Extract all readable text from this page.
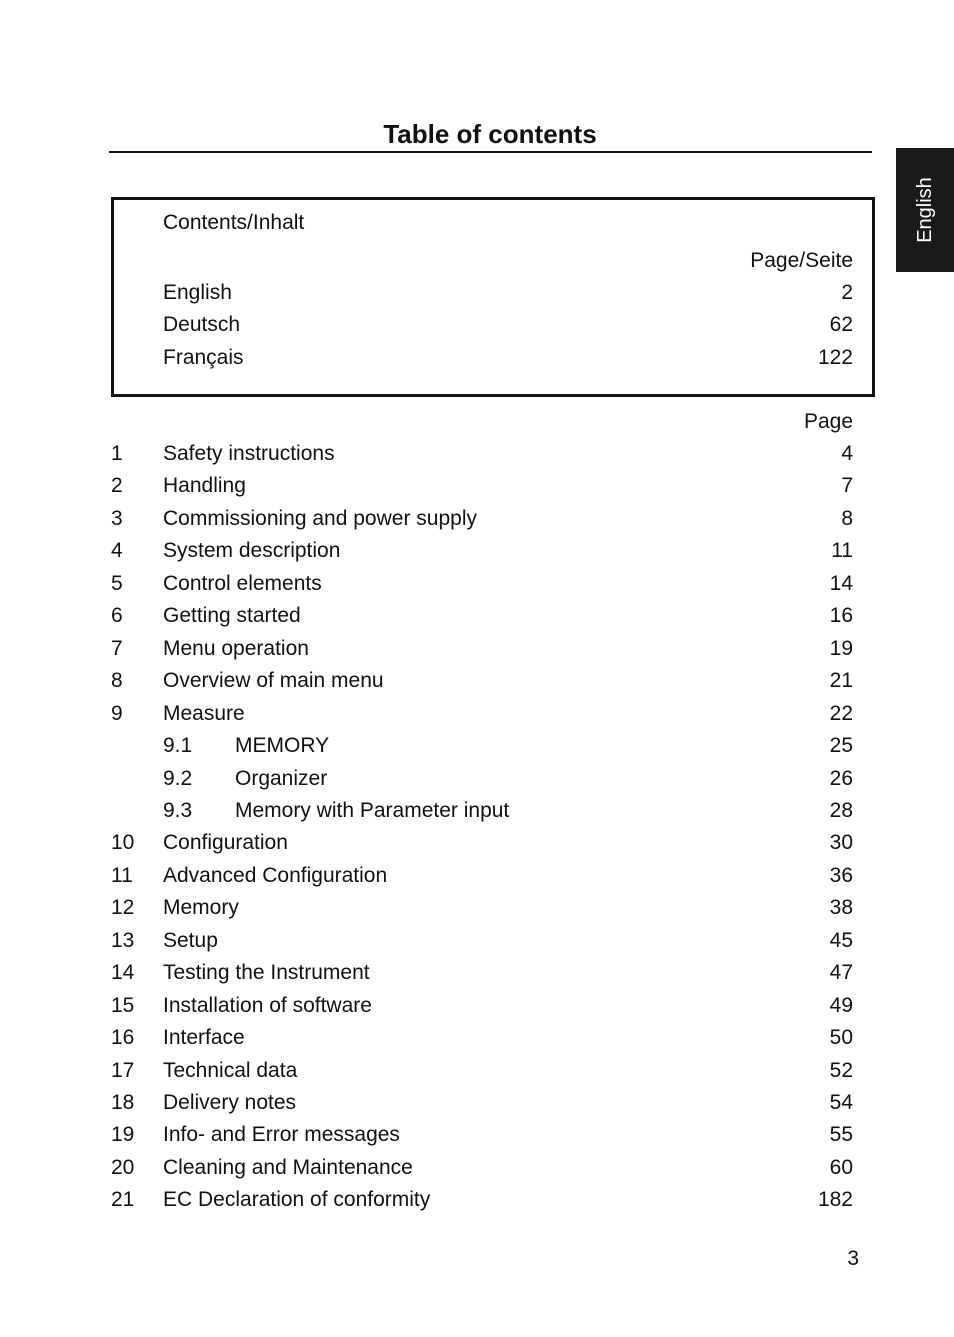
Table of contents
English
Contents/Inhalt
Page/Seite
English	2
Deutsch	62
Français	122
Page
1 Safety instructions	4
2 Handling	7
3 Commissioning and power supply	8
4 System description	11
5 Control elements	14
6 Getting started	16
7 Menu operation	19
8 Overview of main menu	21
9 Measure	22
9.1 MEMORY	25
9.2 Organizer	26
9.3 Memory with Parameter input	28
10 Configuration	30
11 Advanced Configuration	36
12 Memory	38
13 Setup	45
14 Testing the Instrument	47
15 Installation of software	49
16 Interface	50
17 Technical data	52
18 Delivery notes	54
19 Info- and Error messages	55
20 Cleaning and Maintenance	60
21 EC Declaration of conformity	182
3
